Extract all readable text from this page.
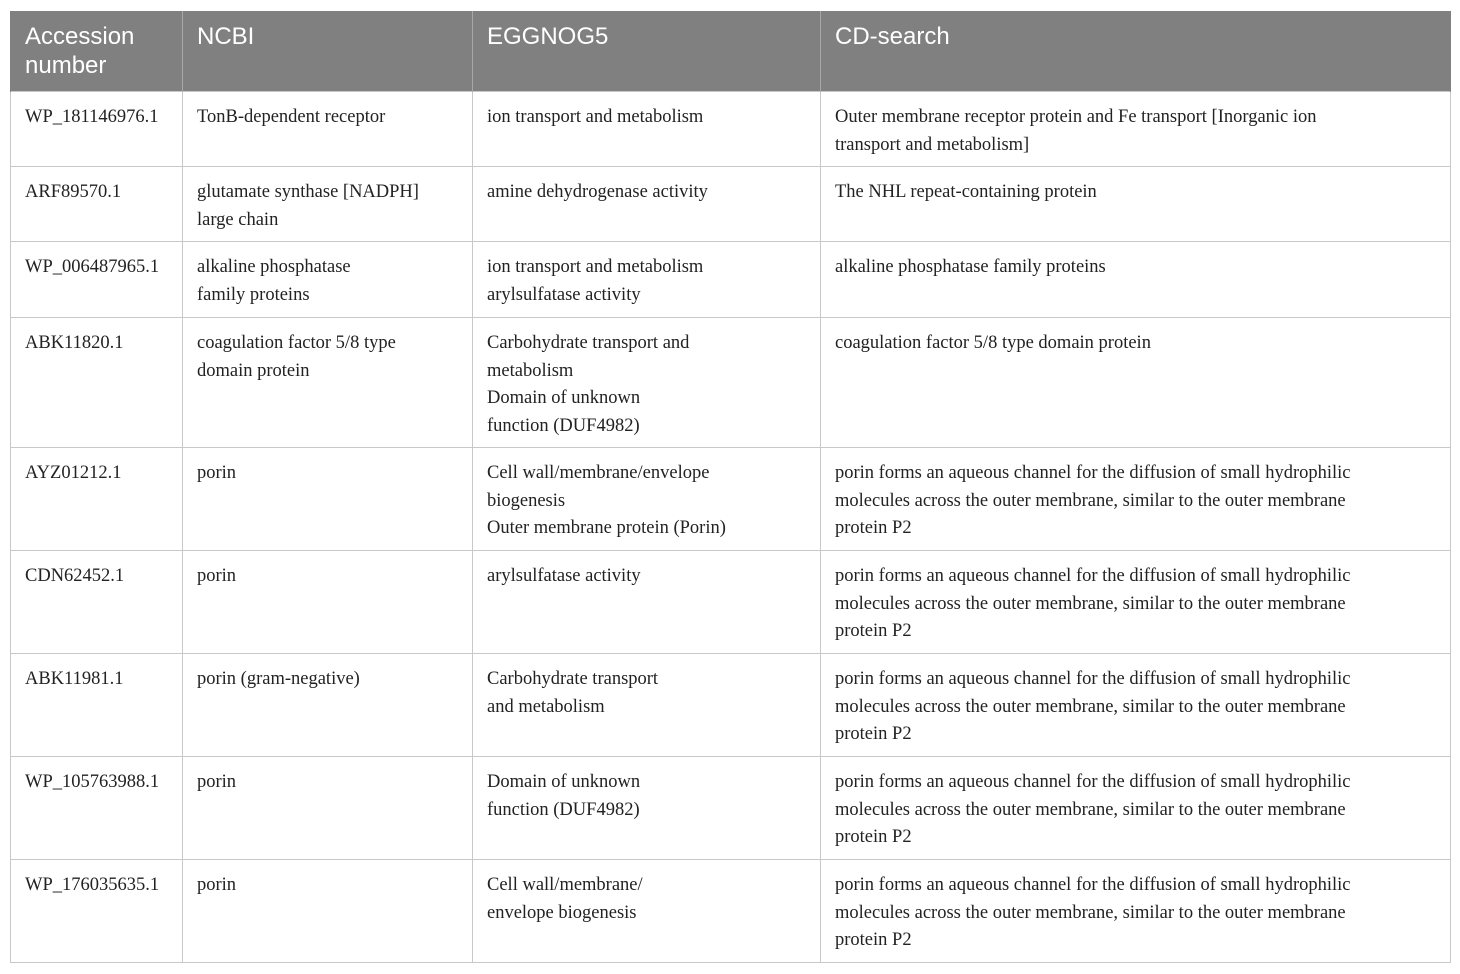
Accession
number	NCBI	EGGNOG5	CD-search

WP_181146976.1	TonB-dependent receptor	ion transport and metabolism	Outer membrane receptor protein and Fe transport [Inorganic ion
transport and metabolism]

ARF89570.1	glutamate synthase [NADPH]
large chain	amine dehydrogenase activity	The NHL repeat-containing protein

WP_006487965.1	alkaline phosphatase
family proteins	ion transport and metabolism
arylsulfatase activity	alkaline phosphatase family proteins

ABK11820.1	coagulation factor 5/8 type
domain protein	Carbohydrate transport and
metabolism
Domain of unknown
function (DUF4982)	coagulation factor 5/8 type domain protein

AYZ01212.1	porin	Cell wall/membrane/envelope
biogenesis
Outer membrane protein (Porin)	porin forms an aqueous channel for the diffusion of small hydrophilic
molecules across the outer membrane, similar to the outer membrane
protein P2

CDN62452.1	porin	arylsulfatase activity	porin forms an aqueous channel for the diffusion of small hydrophilic
molecules across the outer membrane, similar to the outer membrane
protein P2

ABK11981.1	porin (gram-negative)	Carbohydrate transport
and metabolism	porin forms an aqueous channel for the diffusion of small hydrophilic
molecules across the outer membrane, similar to the outer membrane
protein P2

WP_105763988.1	porin	Domain of unknown
function (DUF4982)	porin forms an aqueous channel for the diffusion of small hydrophilic
molecules across the outer membrane, similar to the outer membrane
protein P2

WP_176035635.1	porin	Cell wall/membrane/
envelope biogenesis	porin forms an aqueous channel for the diffusion of small hydrophilic
molecules across the outer membrane, similar to the outer membrane
protein P2
